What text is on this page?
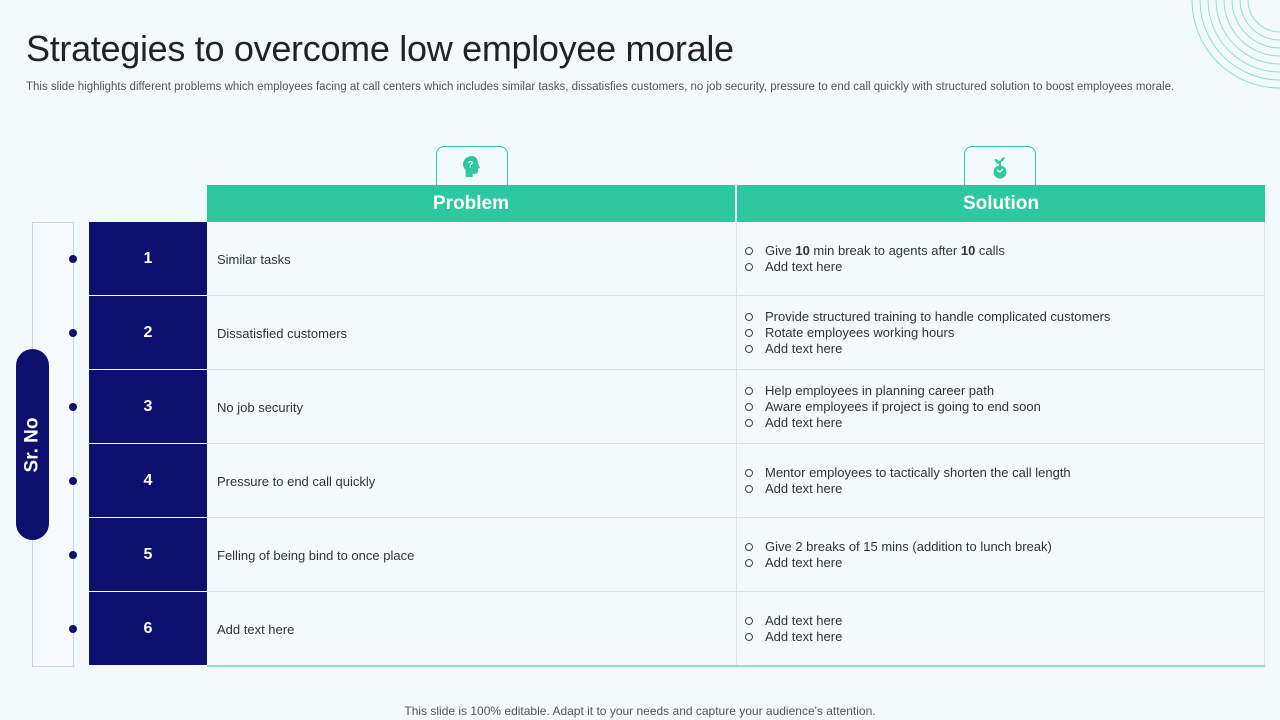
Strategies to overcome low employee morale

This slide highlights different problems which employees facing at call centers which includes similar tasks, dissatisfies customers, no job security, pressure to end call quickly with structured solution to boost employees morale.

Sr. No
?
Problem	Solution
1	Similar tasks
Give 10 min break to agents after 10 calls
Add text here
2	Dissatisfied customers
Provide structured training to handle complicated customers
Rotate employees working hours
Add text here
3	No job security
Help employees in planning career path
Aware employees if project is going to end soon
Add text here
4	Pressure to end call quickly
Mentor employees to tactically shorten the call length
Add text here
5	Felling of being bind to once place
Give 2 breaks of 15 mins (addition to lunch break)
Add text here
6	Add text here
Add text here
Add text here
This slide is 100% editable. Adapt it to your needs and capture your audience's attention.
